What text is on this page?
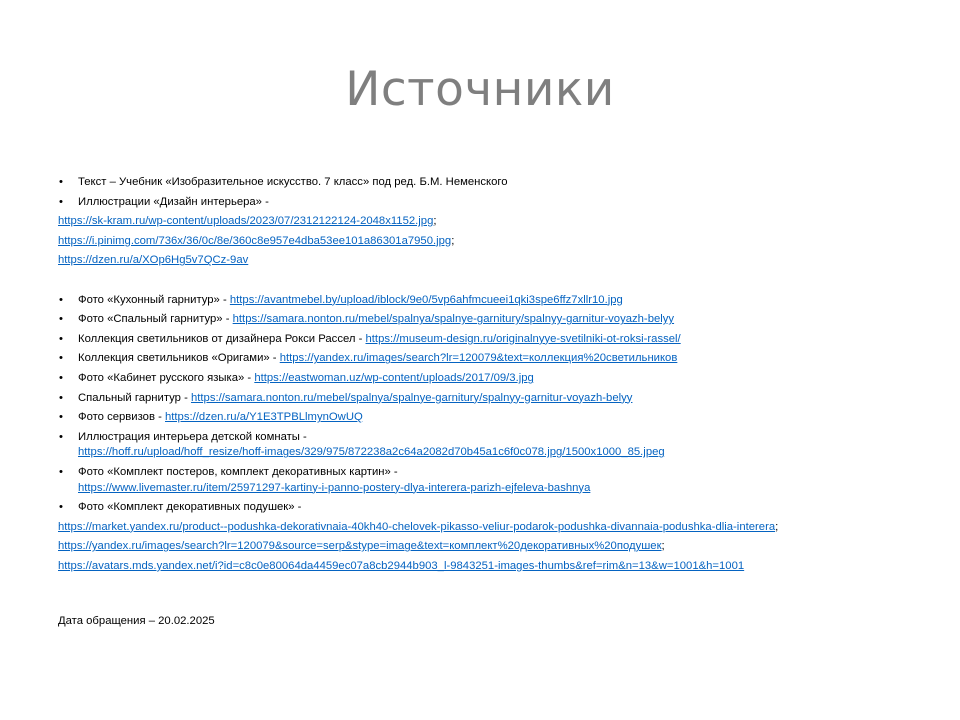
Источники
• Текст – Учебник «Изобразительное искусство. 7 класс» под ред. Б.М. Неменского
• Иллюстрации «Дизайн интерьера» -
https://sk-kram.ru/wp-content/uploads/2023/07/2312122124-2048x1152.jpg;
https://i.pinimg.com/736x/36/0c/8e/360c8e957e4dba53ee101a86301a7950.jpg;
https://dzen.ru/a/XOp6Hg5v7QCz-9av
• Фото «Кухонный гарнитур» - https://avantmebel.by/upload/iblock/9e0/5vp6ahfmcueei1qki3spe6ffz7xllr10.jpg
• Фото «Спальный гарнитур» - https://samara.nonton.ru/mebel/spalnya/spalnye-garnitury/spalnyy-garnitur-voyazh-belyy
• Коллекция светильников от дизайнера Рокси Рассел - https://museum-design.ru/originalnyye-svetilniki-ot-roksi-rassel/
• Коллекция светильников «Оригами» - https://yandex.ru/images/search?lr=120079&text=коллекция%20светильников
• Фото «Кабинет русского языка» - https://eastwoman.uz/wp-content/uploads/2017/09/3.jpg
• Спальный гарнитур - https://samara.nonton.ru/mebel/spalnya/spalnye-garnitury/spalnyy-garnitur-voyazh-belyy
• Фото сервизов - https://dzen.ru/a/Y1E3TPBLlmynOwUQ
• Иллюстрация интерьера детской комнаты -
https://hoff.ru/upload/hoff_resize/hoff-images/329/975/872238a2c64a2082d70b45a1c6f0c078.jpg/1500x1000_85.jpeg
• Фото «Комплект постеров, комплект декоративных картин» -
https://www.livemaster.ru/item/25971297-kartiny-i-panno-postery-dlya-interera-parizh-ejfeleva-bashnya
• Фото «Комплект декоративных подушек» -
https://market.yandex.ru/product--podushka-dekorativnaia-40kh40-chelovek-pikasso-veliur-podarok-podushka-divannaia-podushka-dlia-interera;
https://yandex.ru/images/search?lr=120079&source=serp&stype=image&text=комплект%20декоративных%20подушек;
https://avatars.mds.yandex.net/i?id=c8c0e80064da4459ec07a8cb2944b903_l-9843251-images-thumbs&ref=rim&n=13&w=1001&h=1001
Дата обращения – 20.02.2025
